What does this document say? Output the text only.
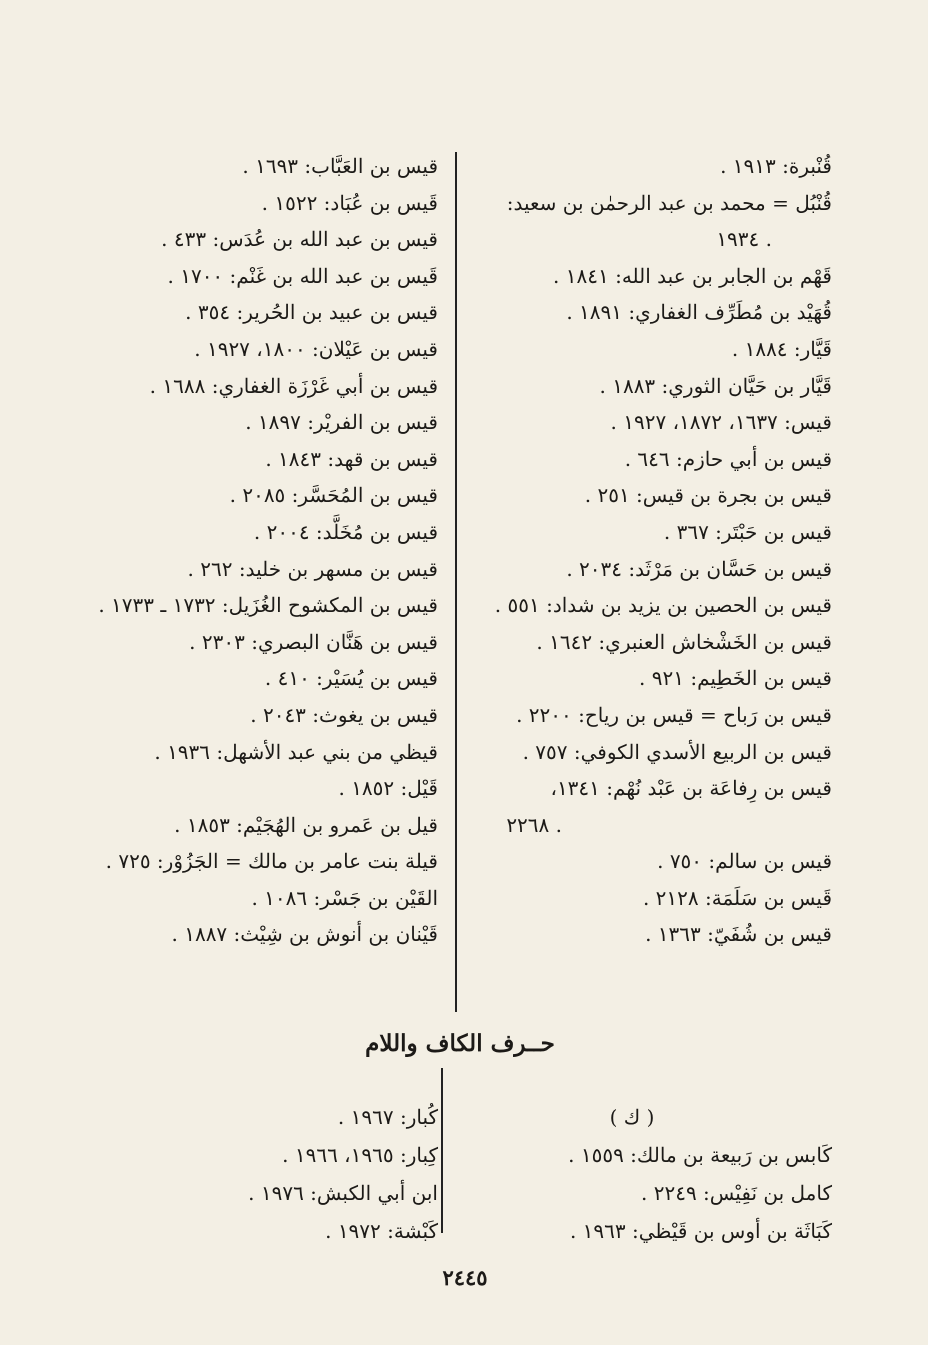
قُنْبرة: ١٩١٣ .
قُنْبُل = محمد بن عبد الرحمٰن بن سعيد:
. ١٩٣٤
قَهْم بن الجابر بن عبد الله: ١٨٤١ .
قُهَيْد بن مُطَرِّف الغفاري: ١٨٩١ .
قَيَّار: ١٨٨٤ .
قَيَّار بن حَيَّان الثوري: ١٨٨٣ .
قيس: ١٦٣٧، ١٨٧٢، ١٩٢٧ .
قيس بن أبي حازم: ٦٤٦ .
قيس بن بجرة بن قيس: ٢٥١ .
قيس بن حَبْتَر: ٣٦٧ .
قيس بن حَسَّان بن مَرْثَد: ٢٠٣٤ .
قيس بن الحصين بن يزيد بن شداد: ٥٥١ .
قيس بن الخَشْخاش العنبري: ١٦٤٢ .
قيس بن الخَطِيم: ٩٢١ .
قيس بن رَباح = قيس بن رياح: ٢٢٠٠ .
قيس بن الربيع الأسدي الكوفي: ٧٥٧ .
قيس بن رِفاعَة بن عَبْد نُهْم: ١٣٤١،
. ٢٢٦٨
قيس بن سالم: ٧٥٠ .
قَيس بن سَلَمَة: ٢١٢٨ .
قيس بن شُفَيّ: ١٣٦٣ .
قيس بن العَبَّاب: ١٦٩٣ .
قَيس بن عُبَاد: ١٥٢٢ .
قيس بن عبد الله بن عُدَس: ٤٣٣ .
قَيس بن عبد الله بن غَنْم: ١٧٠٠ .
قيس بن عبيد بن الحُرير: ٣٥٤ .
قيس بن عَيْلان: ١٨٠٠، ١٩٢٧ .
قيس بن أبي غَرْزَة الغفاري: ١٦٨٨ .
قيس بن الفريْر: ١٨٩٧ .
قيس بن قهد: ١٨٤٣ .
قيس بن المُحَسَّر: ٢٠٨٥ .
قيس بن مُخَلَّد: ٢٠٠٤ .
قيس بن مسهر بن خليد: ٢٦٢ .
قيس بن المكشوح الغُزَيل: ١٧٣٢ ـ ١٧٣٣ .
قيس بن هَنَّان البصري: ٢٣٠٣ .
قيس بن يُسَيْر: ٤١٠ .
قيس بن يغوث: ٢٠٤٣ .
قيظي من بني عبد الأشهل: ١٩٣٦ .
قَيْل: ١٨٥٢ .
قيل بن عَمرو بن الهُجَيْم: ١٨٥٣ .
قيلة بنت عامر بن مالك = الجَزُوْر: ٧٢٥ .
القَيْن بن جَسْر: ١٠٨٦ .
قَيْنان بن أنوش بن شِيْث: ١٨٨٧ .
حــرف الكاف واللام
( ك )
كَابس بن رَبيعة بن مالك: ١٥٥٩ .
كامل بن نَفِيْس: ٢٢٤٩ .
كَبَاثَة بن أوس بن قَيْظي: ١٩٦٣ .
كُبار: ١٩٦٧ .
كِبار: ١٩٦٥، ١٩٦٦ .
ابن أبي الكبش: ١٩٧٦ .
كَبْشة: ١٩٧٢ .
٢٤٤٥
